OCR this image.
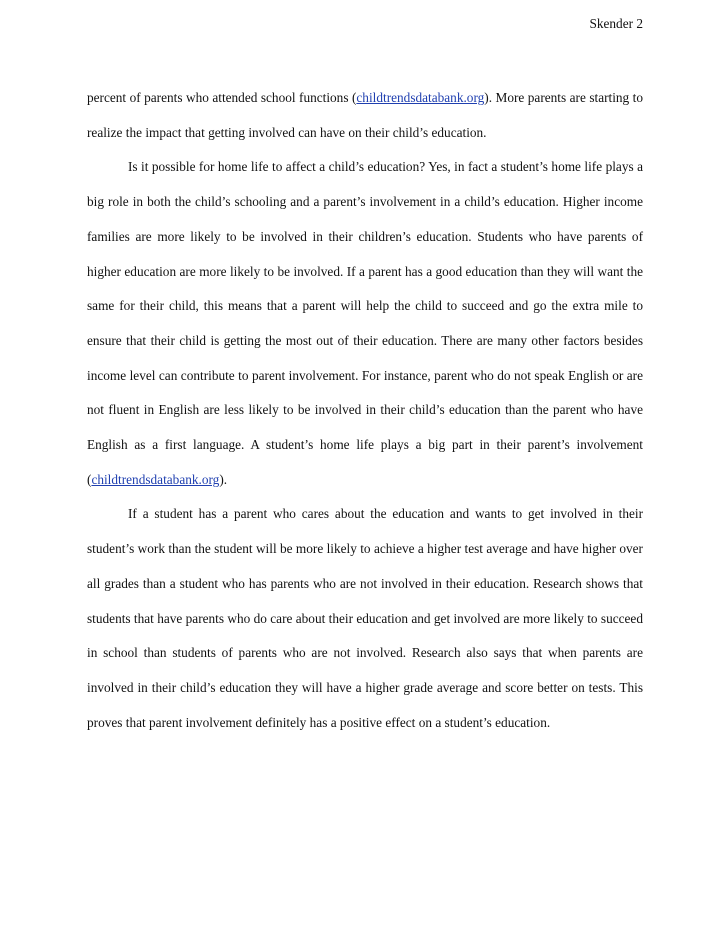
Skender 2

percent of parents who attended school functions (childtrendsdatabank.org). More parents are starting to realize the impact that getting involved can have on their child’s education.

Is it possible for home life to affect a child’s education? Yes, in fact a student’s home life plays a big role in both the child’s schooling and a parent’s involvement in a child’s education. Higher income families are more likely to be involved in their children’s education. Students who have parents of higher education are more likely to be involved. If a parent has a good education than they will want the same for their child, this means that a parent will help the child to succeed and go the extra mile to ensure that their child is getting the most out of their education. There are many other factors besides income level can contribute to parent involvement. For instance, parent who do not speak English or are not fluent in English are less likely to be involved in their child’s education than the parent who have English as a first language. A student’s home life plays a big part in their parent’s involvement (childtrendsdatabank.org).

If a student has a parent who cares about the education and wants to get involved in their student’s work than the student will be more likely to achieve a higher test average and have higher over all grades than a student who has parents who are not involved in their education. Research shows that students that have parents who do care about their education and get involved are more likely to succeed in school than students of parents who are not involved. Research also says that when parents are involved in their child’s education they will have a higher grade average and score better on tests. This proves that parent involvement definitely has a positive effect on a student’s education.
